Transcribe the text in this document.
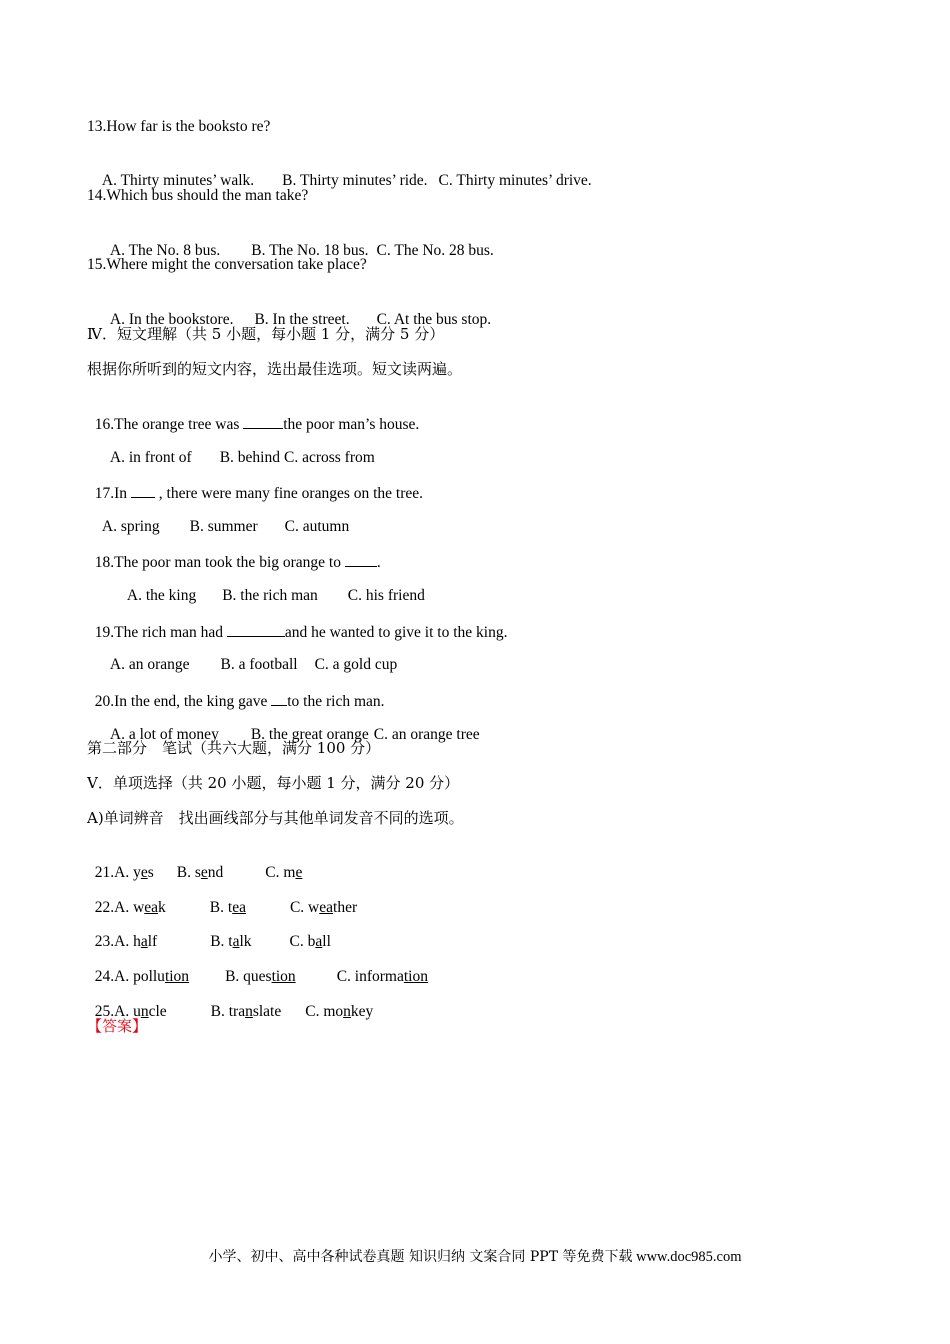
13.How far is the booksto re?

A. Thirty minutes’ walk. B. Thirty minutes’ ride. C. Thirty minutes’ drive.

14.Which bus should the man take?

A. The No. 8 bus. B. The No. 18 bus. C. The No. 28 bus.

15.Where might the conversation take place?

A. In the bookstore. B. In the street. C. At the bus stop.

Ⅳ．短文理解（共 5 小题，每小题 1 分，满分 5 分）
根据你所听到的短文内容，选出最佳选项。短文读两遍。

16.The orange tree was	the poor man’s house.

A. in front of B. behind C. across from

17.In  , there were many fine oranges on the tree.

A. spring B. summer C. autumn

18.The poor man took the big orange to .

A. the king B. the rich man C. his friend

19.The rich man had	and he wanted to give it to the king.

A. an orange B. a football C. a gold cup

20.In the end, the king gave to the rich man.

A. a lot of money B. the great orange C. an orange tree

第二部分　笔试（共六大题，满分 100 分）
Ⅴ．单项选择（共 20 小题，每小题 1 分，满分 20 分）
A)单词辨音　找出画线部分与其他单词发音不同的选项。

21.A. yes B. send	C. me

22.A. weak	B. tea	C. weather

23.A. half	B. talk C. ball

24.A. pollution B. question	C. information

25.A. uncle	B. translate C. monkey

【答案】
小学、初中、高中各种试卷真题 知识归纳 文案合同 PPT 等免费下载 www.doc985.com
